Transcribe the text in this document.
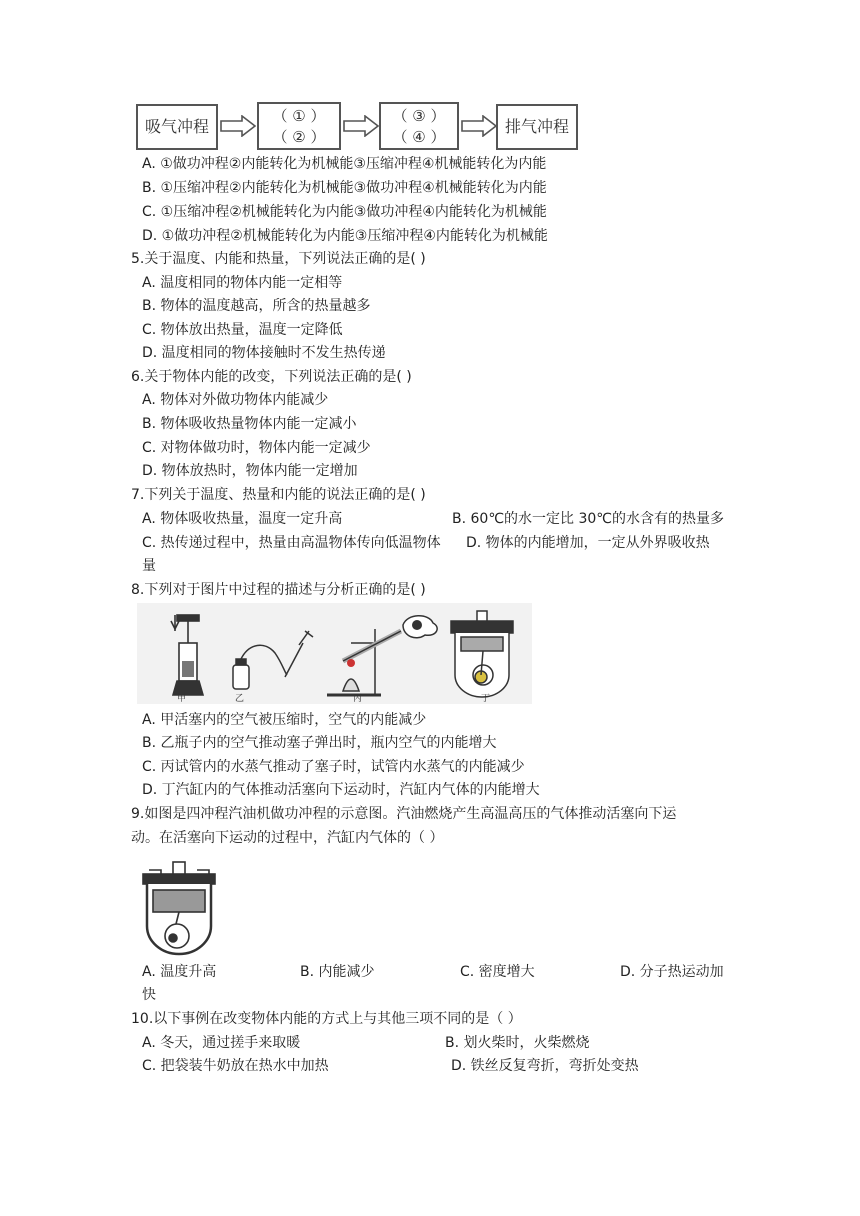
吸气冲程
（ ① ）
（ ② ）
（ ③ ）
（ ④ ）
排气冲程
A. ①做功冲程②内能转化为机械能③压缩冲程④机械能转化为内能
B. ①压缩冲程②内能转化为机械能③做功冲程④机械能转化为内能
C. ①压缩冲程②机械能转化为内能③做功冲程④内能转化为机械能
D. ①做功冲程②机械能转化为内能③压缩冲程④内能转化为机械能
5.关于温度、内能和热量，下列说法正确的是( )
A. 温度相同的物体内能一定相等
B. 物体的温度越高，所含的热量越多
C. 物体放出热量，温度一定降低
D. 温度相同的物体接触时不发生热传递
6.关于物体内能的改变，下列说法正确的是( )
A. 物体对外做功物体内能减少
B. 物体吸收热量物体内能一定减小
C. 对物体做功时，物体内能一定减少
D. 物体放热时，物体内能一定增加
7.下列关于温度、热量和内能的说法正确的是( )
A. 物体吸收热量，温度一定升高	B. 60℃的水一定比 30℃的水含有的热量多
C. 热传递过程中，热量由高温物体传向低温物体 D. 物体的内能增加，一定从外界吸收热
量
8.下列对于图片中过程的描述与分析正确的是( )
甲	乙	丙	丁
A. 甲活塞内的空气被压缩时，空气的内能减少
B. 乙瓶子内的空气推动塞子弹出时，瓶内空气的内能增大
C. 丙试管内的水蒸气推动了塞子时，试管内水蒸气的内能减少
D. 丁汽缸内的气体推动活塞向下运动时，汽缸内气体的内能增大
9.如图是四冲程汽油机做功冲程的示意图。汽油燃烧产生高温高压的气体推动活塞向下运
动。在活塞向下运动的过程中，汽缸内气体的（ ）
A. 温度升高	B. 内能减少	C. 密度增大	D. 分子热运动加
快
10.以下事例在改变物体内能的方式上与其他三项不同的是（ ）
A. 冬天，通过搓手来取暖	B. 划火柴时，火柴燃烧
C. 把袋装牛奶放在热水中加热	D. 铁丝反复弯折，弯折处变热
